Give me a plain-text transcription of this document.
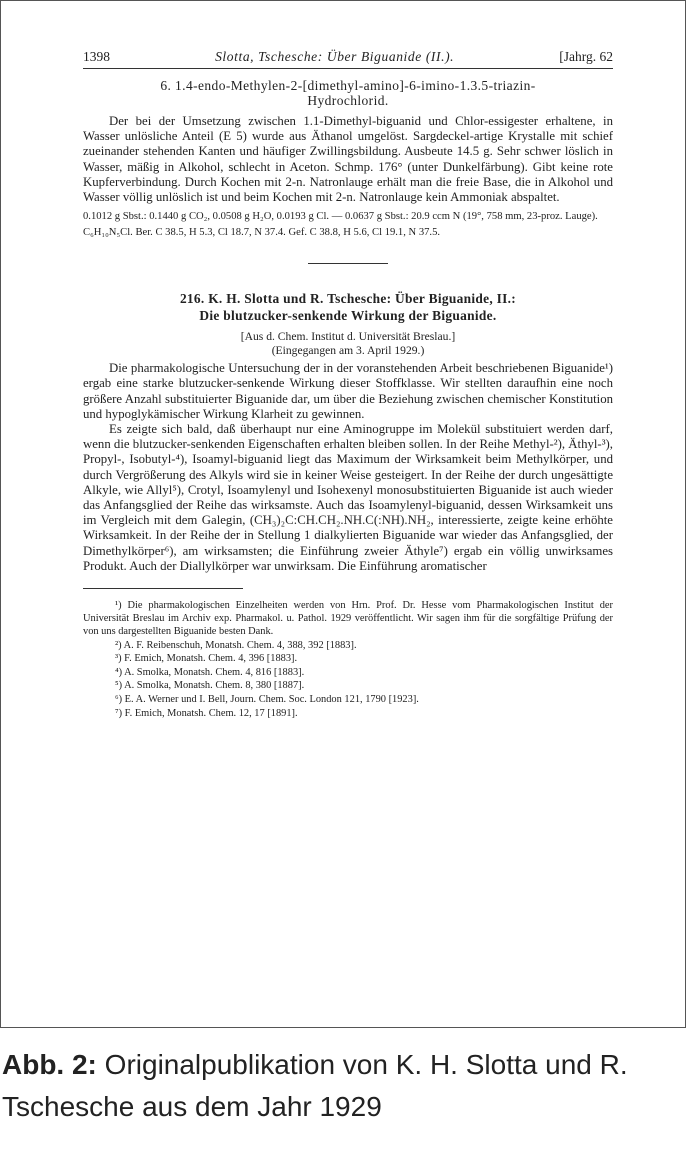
1398	Slotta, Tschesche: Über Biguanide (II.).	[Jahrg. 62
6. 1.4-endo-Methylen-2-[dimethyl-amino]-6-imino-1.3.5-triazin-
Hydrochlorid.

Der bei der Umsetzung zwischen 1.1-Dimethyl-biguanid und Chlor-essigester erhaltene, in Wasser unlösliche Anteil (E 5) wurde aus Äthanol umgelöst. Sargdeckel-artige Krystalle mit schief zueinander stehenden Kanten und häufiger Zwillingsbildung. Ausbeute 14.5 g. Sehr schwer löslich in Wasser, mäßig in Alkohol, schlecht in Aceton. Schmp. 176° (unter Dunkelfärbung). Gibt keine rote Kupferverbindung. Durch Kochen mit 2-n. Natronlauge erhält man die freie Base, die in Alkohol und Wasser völlig unlöslich ist und beim Kochen mit 2-n. Natronlauge kein Ammoniak abspaltet.

0.1012 g Sbst.: 0.1440 g CO₂, 0.0508 g H₂O, 0.0193 g Cl. — 0.0637 g Sbst.: 20.9 ccm N (19°, 758 mm, 23-proz. Lauge).
C₆H₁₀N₅Cl. Ber. C 38.5, H 5.3, Cl 18.7, N 37.4. Gef. C 38.8, H 5.6, Cl 19.1, N 37.5.
216. K. H. Slotta und R. Tschesche: Über Biguanide, II.:
Die blutzucker-senkende Wirkung der Biguanide.
[Aus d. Chem. Institut d. Universität Breslau.]
(Eingegangen am 3. April 1929.)

Die pharmakologische Untersuchung der in der voranstehenden Arbeit beschriebenen Biguanide¹) ergab eine starke blutzucker-senkende Wirkung dieser Stoffklasse. Wir stellten daraufhin eine noch größere Anzahl substituierter Biguanide dar, um über die Beziehung zwischen chemischer Konstitution und hypoglykämischer Wirkung Klarheit zu gewinnen.

Es zeigte sich bald, daß überhaupt nur eine Aminogruppe im Molekül substituiert werden darf, wenn die blutzucker-senkenden Eigenschaften erhalten bleiben sollen. In der Reihe Methyl-²), Äthyl-³), Propyl-, Isobutyl-⁴), Isoamyl-biguanid liegt das Maximum der Wirksamkeit beim Methylkörper, und durch Vergrößerung des Alkyls wird sie in keiner Weise gesteigert. In der Reihe der durch ungesättigte Alkyle, wie Allyl⁵), Crotyl, Isoamylenyl und Isohexenyl monosubstituierten Biguanide ist auch wieder das Anfangsglied der Reihe das wirksamste. Auch das Isoamylenyl-biguanid, dessen Wirksamkeit uns im Vergleich mit dem Galegin, (CH₃)₂C:CH.CH₂.NH.C(:NH).NH₂, interessierte, zeigte keine erhöhte Wirksamkeit. In der Reihe der in Stellung 1 dialkylierten Biguanide war wieder das Anfangsglied, der Dimethylkörper⁶), am wirksamsten; die Einführung zweier Äthyle⁷) ergab ein völlig unwirksames Produkt. Auch der Diallylkörper war unwirksam. Die Einführung aromatischer

¹) Die pharmakologischen Einzelheiten werden von Hrn. Prof. Dr. Hesse vom Pharmakologischen Institut der Universität Breslau im Archiv exp. Pharmakol. u. Pathol. 1929 veröffentlicht. Wir sagen ihm für die sorgfältige Prüfung der von uns dargestellten Biguanide besten Dank.
²) A. F. Reibenschuh, Monatsh. Chem. 4, 388, 392 [1883].
³) F. Emich, Monatsh. Chem. 4, 396 [1883].
⁴) A. Smolka, Monatsh. Chem. 4, 816 [1883].
⁵) A. Smolka, Monatsh. Chem. 8, 380 [1887].
⁶) E. A. Werner und I. Bell, Journ. Chem. Soc. London 121, 1790 [1923].
⁷) F. Emich, Monatsh. Chem. 12, 17 [1891].
Abb. 2: Originalpublikation von K. H. Slotta und R. Tschesche aus dem Jahr 1929
